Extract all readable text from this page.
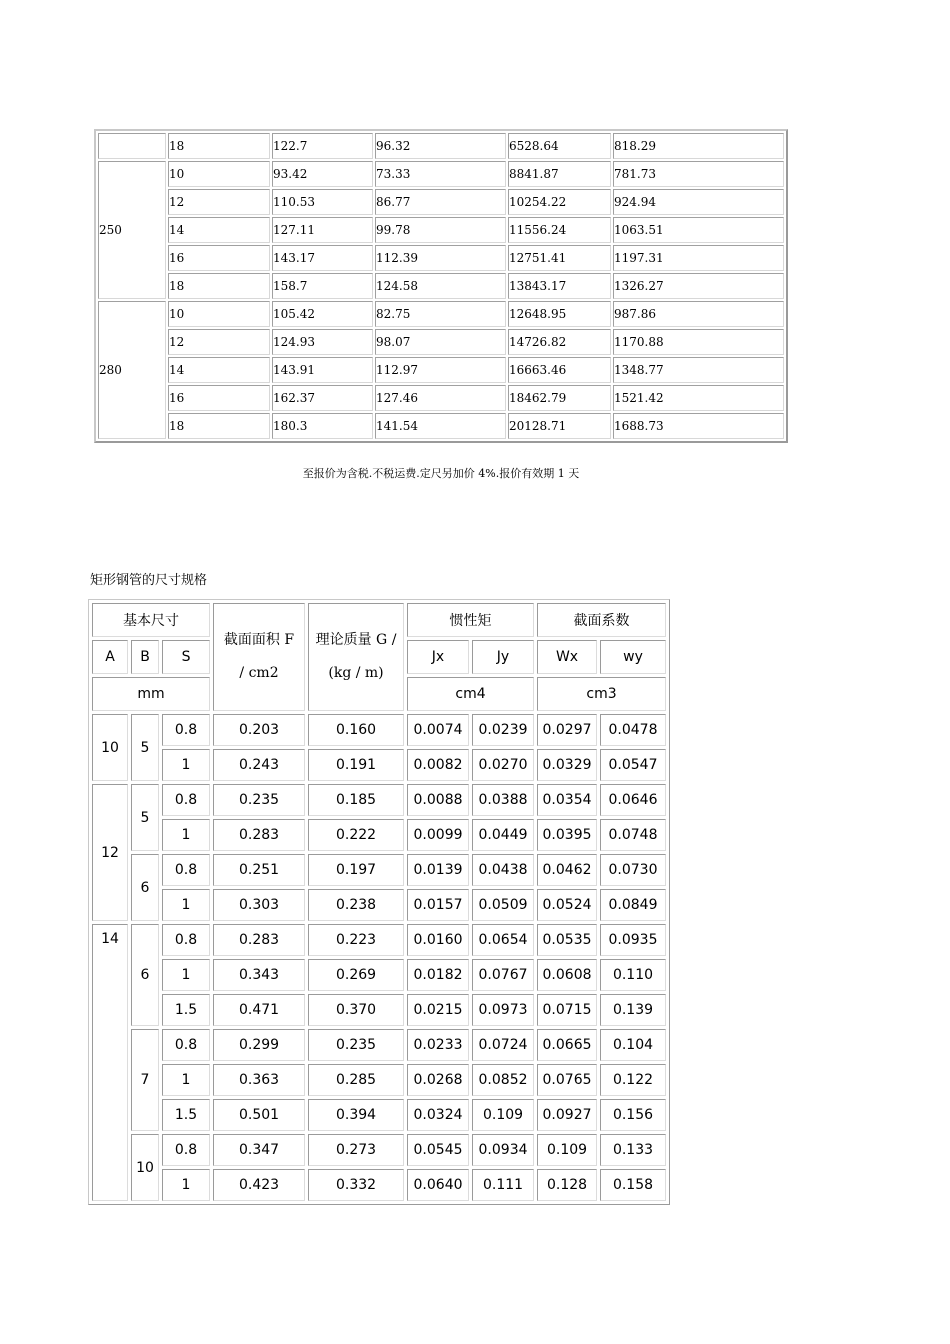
	18	122.7	96.32	6528.64	818.29
250	10	93.42	73.33	8841.87	781.73
	12	110.53	86.77	10254.22	924.94
	14	127.11	99.78	11556.24	1063.51
	16	143.17	112.39	12751.41	1197.31
	18	158.7	124.58	13843.17	1326.27
280	10	105.42	82.75	12648.95	987.86
	12	124.93	98.07	14726.82	1170.88
	14	143.91	112.97	16663.46	1348.77
	16	162.37	127.46	18462.79	1521.42
	18	180.3	141.54	20128.71	1688.73
至报价为含税.不税运费.定尺另加价 4%.报价有效期 1 天
矩形钢管的尺寸规格
基本尺寸			截面面积 F / cm2	理论质量 G / (kg / m)	惯性矩		截面系数	
A	B	S			Jx	Jy	Wx	wy
mm					cm4		cm3	
10	5	0.8	0.203	0.160	0.0074	0.0239	0.0297	0.0478
		1	0.243	0.191	0.0082	0.0270	0.0329	0.0547
12	5	0.8	0.235	0.185	0.0088	0.0388	0.0354	0.0646
		1	0.283	0.222	0.0099	0.0449	0.0395	0.0748
	6	0.8	0.251	0.197	0.0139	0.0438	0.0462	0.0730
		1	0.303	0.238	0.0157	0.0509	0.0524	0.0849
14	6	0.8	0.283	0.223	0.0160	0.0654	0.0535	0.0935
		1	0.343	0.269	0.0182	0.0767	0.0608	0.110
		1.5	0.471	0.370	0.0215	0.0973	0.0715	0.139
	7	0.8	0.299	0.235	0.0233	0.0724	0.0665	0.104
		1	0.363	0.285	0.0268	0.0852	0.0765	0.122
		1.5	0.501	0.394	0.0324	0.109	0.0927	0.156
	10	0.8	0.347	0.273	0.0545	0.0934	0.109	0.133
		1	0.423	0.332	0.0640	0.111	0.128	0.158
